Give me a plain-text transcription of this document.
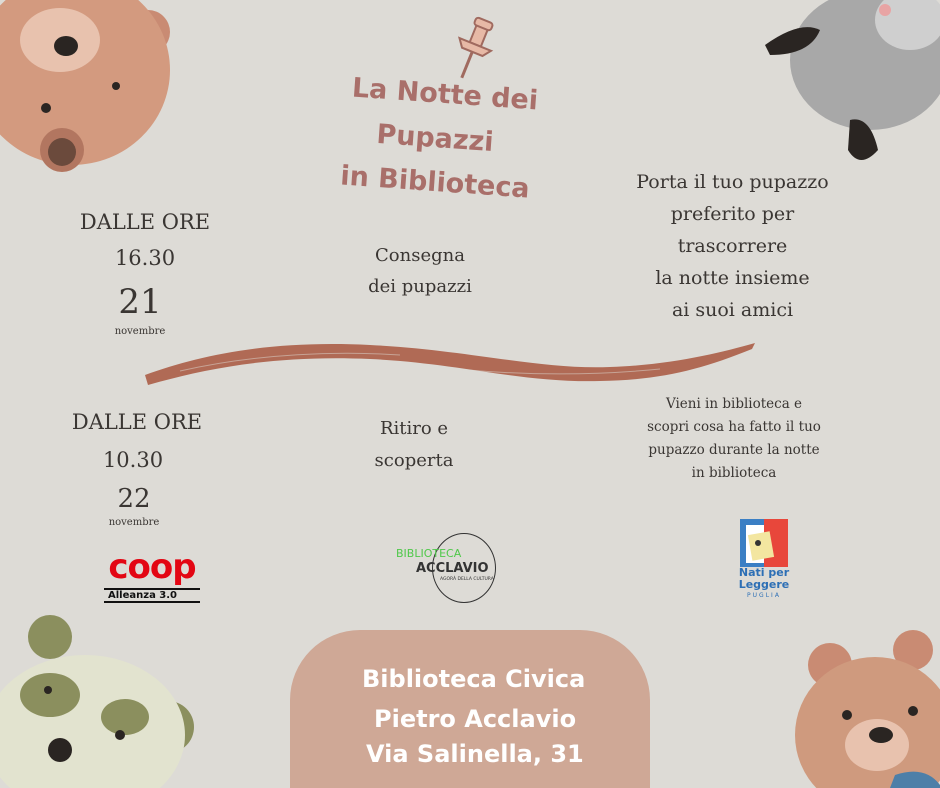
La Notte dei
Pupazzi
in Biblioteca
DALLE ORE
16.30
21
novembre
Consegna
dei pupazzi
Porta il tuo pupazzo
preferito per
trascorrere
la notte insieme
ai suoi amici
DALLE ORE
10.30
22
novembre
Ritiro e
scoperta
Vieni in biblioteca e
scopri cosa ha fatto il tuo
pupazzo durante la notte
in biblioteca
coop
Alleanza 3.0
BIBLIOTECA
ACCLAVIO
AGORÀ DELLA CULTURA
Nati per
Leggere
PUGLIA
Biblioteca Civica
Pietro Acclavio
Via Salinella, 31
